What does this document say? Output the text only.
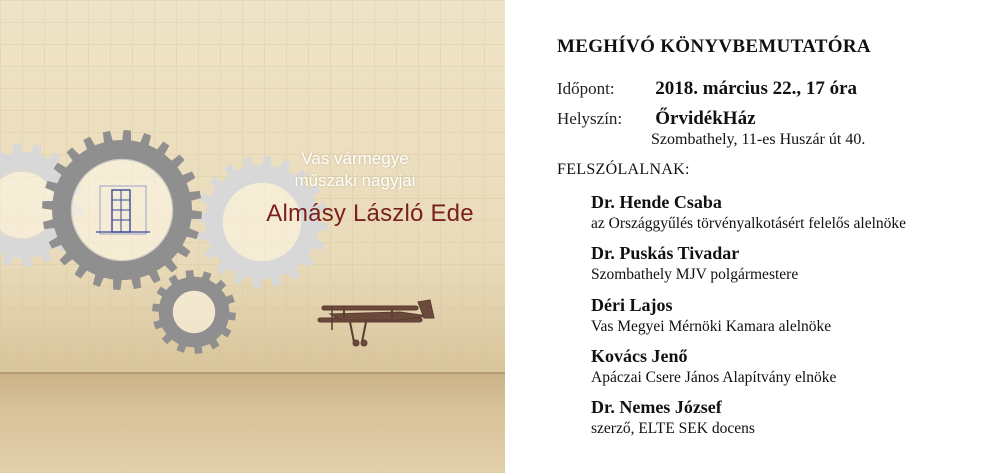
Vas vármegye
műszaki nagyjai
Almásy László Ede
MEGHÍVÓ KÖNYVBEMUTATÓRA
Időpont: 2018. március 22., 17 óra
Helyszín: ŐrvidékHáz
Szombathely, 11-es Huszár út 40.
FELSZÓLALNAK:
Dr. Hende Csaba
az Országgyűlés törvényalkotásért felelős alelnöke
Dr. Puskás Tivadar
Szombathely MJV polgármestere
Déri Lajos
Vas Megyei Mérnöki Kamara alelnöke
Kovács Jenő
Apáczai Csere János Alapítvány elnöke
Dr. Nemes József
szerző, ELTE SEK docens
